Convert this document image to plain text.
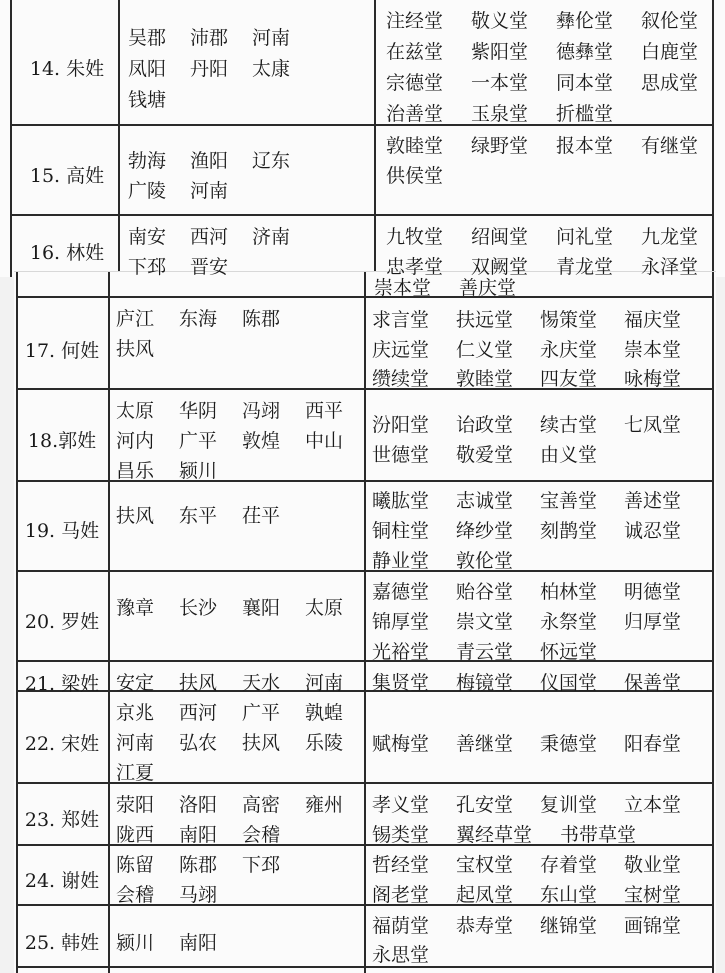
14. 朱姓
吴郡 沛郡 河南
凤阳 丹阳 太康
钱塘
注经堂 敬义堂 彝伦堂 叙伦堂
在兹堂 紫阳堂 德彝堂 白鹿堂
宗德堂 一本堂 同本堂 思成堂
治善堂 玉泉堂 折槛堂
15. 高姓
勃海 渔阳 辽东
广陵 河南
敦睦堂 绿野堂 报本堂 有继堂
供侯堂
16. 林姓
南安 西河 济南
下邳 晋安
九牧堂 绍闽堂 问礼堂 九龙堂
忠孝堂 双阙堂 青龙堂 永泽堂
崇本堂 善庆堂
17. 何姓
庐江 东海 陈郡
扶风
求言堂 扶远堂 惕策堂 福庆堂
庆远堂 仁义堂 永庆堂 崇本堂
缵续堂 敦睦堂 四友堂 咏梅堂
18.郭姓
太原 华阴 冯翊 西平
河内 广平 敦煌 中山
昌乐 颍川
汾阳堂 诒政堂 续古堂 七凤堂
世德堂 敬爱堂 由义堂
19. 马姓
扶风 东平 茌平
曦肱堂 志诚堂 宝善堂 善述堂
铜柱堂 绛纱堂 刻鹊堂 诚忍堂
静业堂 敦伦堂
20. 罗姓
豫章 长沙 襄阳 太原
嘉德堂 贻谷堂 柏林堂 明德堂
锦厚堂 崇文堂 永祭堂 归厚堂
光裕堂 青云堂 怀远堂
21. 梁姓 安定 扶风 天水 河南	集贤堂 梅镜堂 仪国堂 保善堂
22. 宋姓
京兆 西河 广平 孰蝗
河南 弘农 扶风 乐陵
江夏
赋梅堂 善继堂 秉德堂 阳春堂
23. 郑姓
荥阳 洛阳 高密 雍州
陇西 南阳 会稽
孝义堂 孔安堂 复训堂 立本堂
锡类堂 翼经草堂 书带草堂
24. 谢姓
陈留 陈郡 下邳
会稽 马翊
哲经堂 宝权堂 存着堂 敬业堂
阁老堂 起凤堂 东山堂 宝树堂
25. 韩姓 颍川 南阳
福荫堂 恭寿堂 继锦堂 画锦堂
永思堂
